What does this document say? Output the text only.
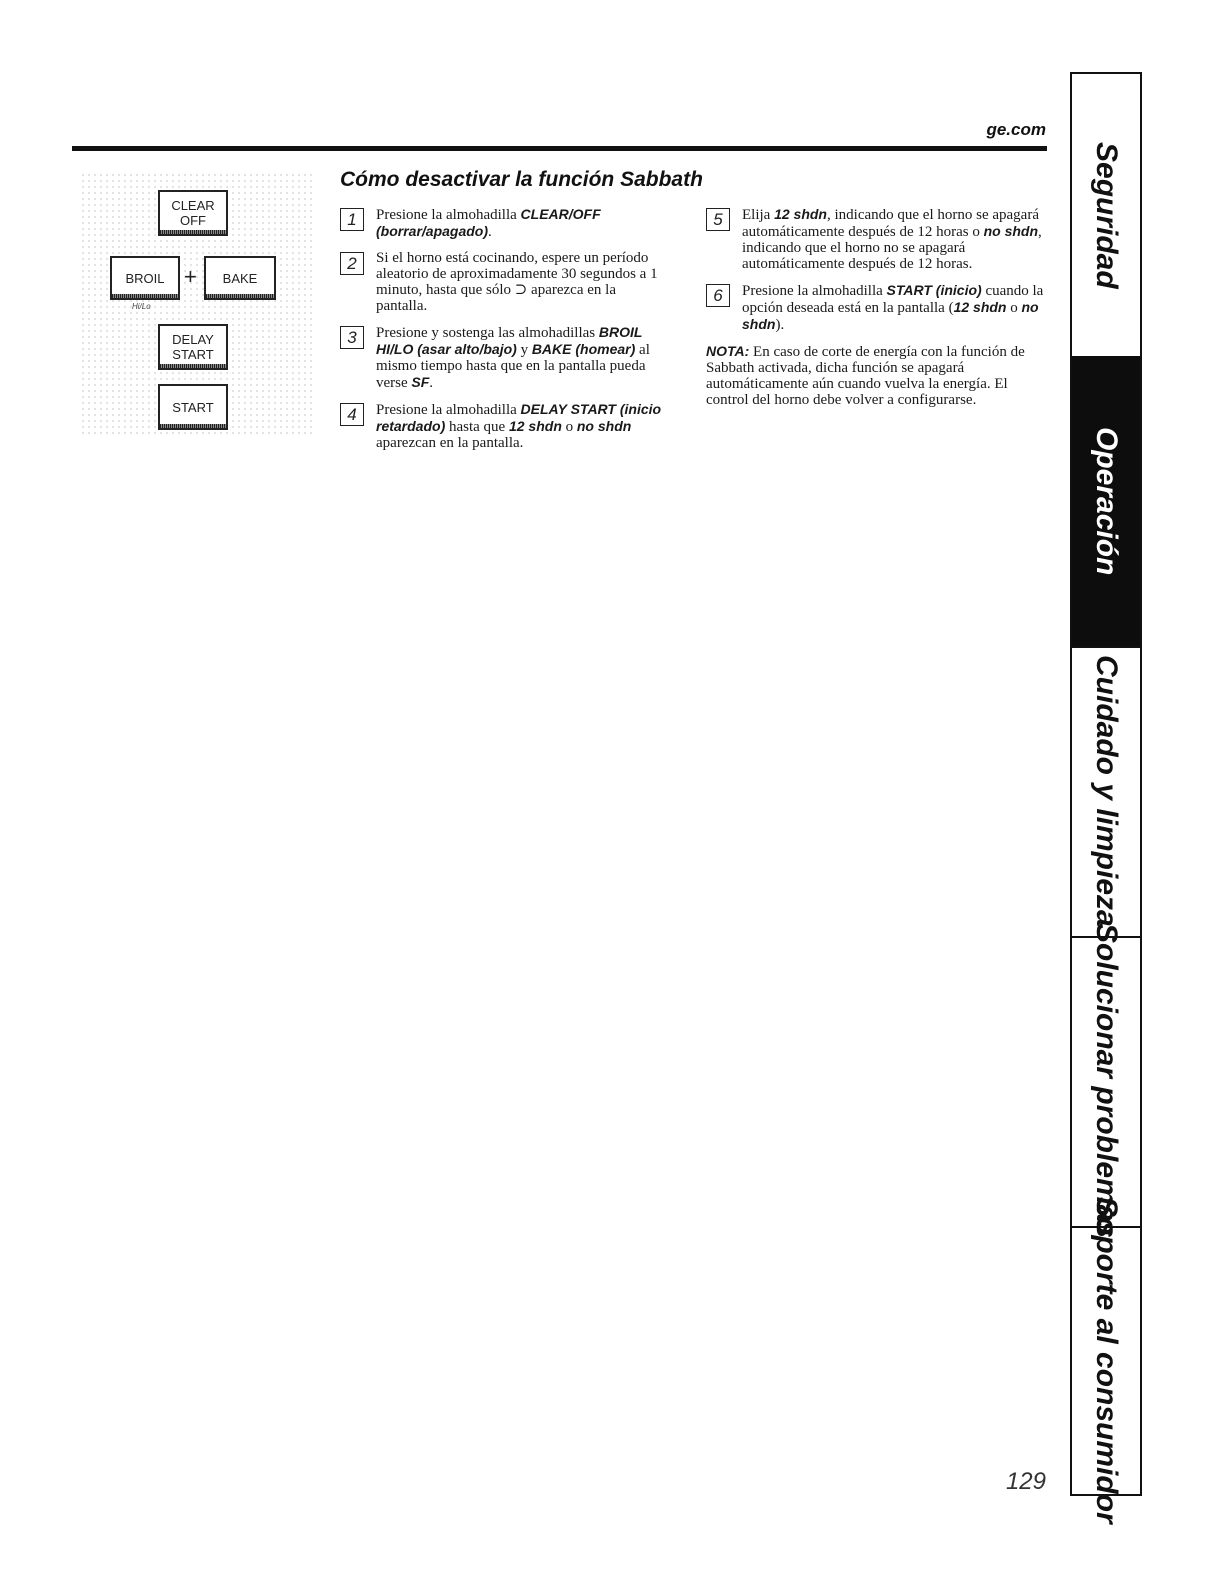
ge.com
CLEAR
OFF
BROIL + BAKE
Hi/Lo
DELAY
START
START
Cómo desactivar la función Sabbath
1	Presione la almohadilla CLEAR/OFF (borrar/apagado).
2	Si el horno está cocinando, espere un período aleatorio de aproximadamente 30 segundos a 1 minuto, hasta que sólo ⊃ aparezca en la pantalla.
3	Presione y sostenga las almohadillas BROIL HI/LO (asar alto/bajo) y BAKE (homear) al mismo tiempo hasta que en la pantalla pueda verse SF.
4	Presione la almohadilla DELAY START (inicio retardado) hasta que 12 shdn o no shdn aparezcan en la pantalla.
5	Elija 12 shdn, indicando que el horno se apagará automáticamente después de 12 horas o no shdn, indicando que el horno no se apagará automáticamente después de 12 horas.
6	Presione la almohadilla START (inicio) cuando la opción deseada está en la pantalla (12 shdn o no shdn).

NOTA: En caso de corte de energía con la función de Sabbath activada, dicha función se apagará automáticamente aún cuando vuelva la energía. El control del horno debe volver a configurarse.

129
Seguridad
Operación
Cuidado y limpieza
Solucionar problemas
Soporte al consumidor
